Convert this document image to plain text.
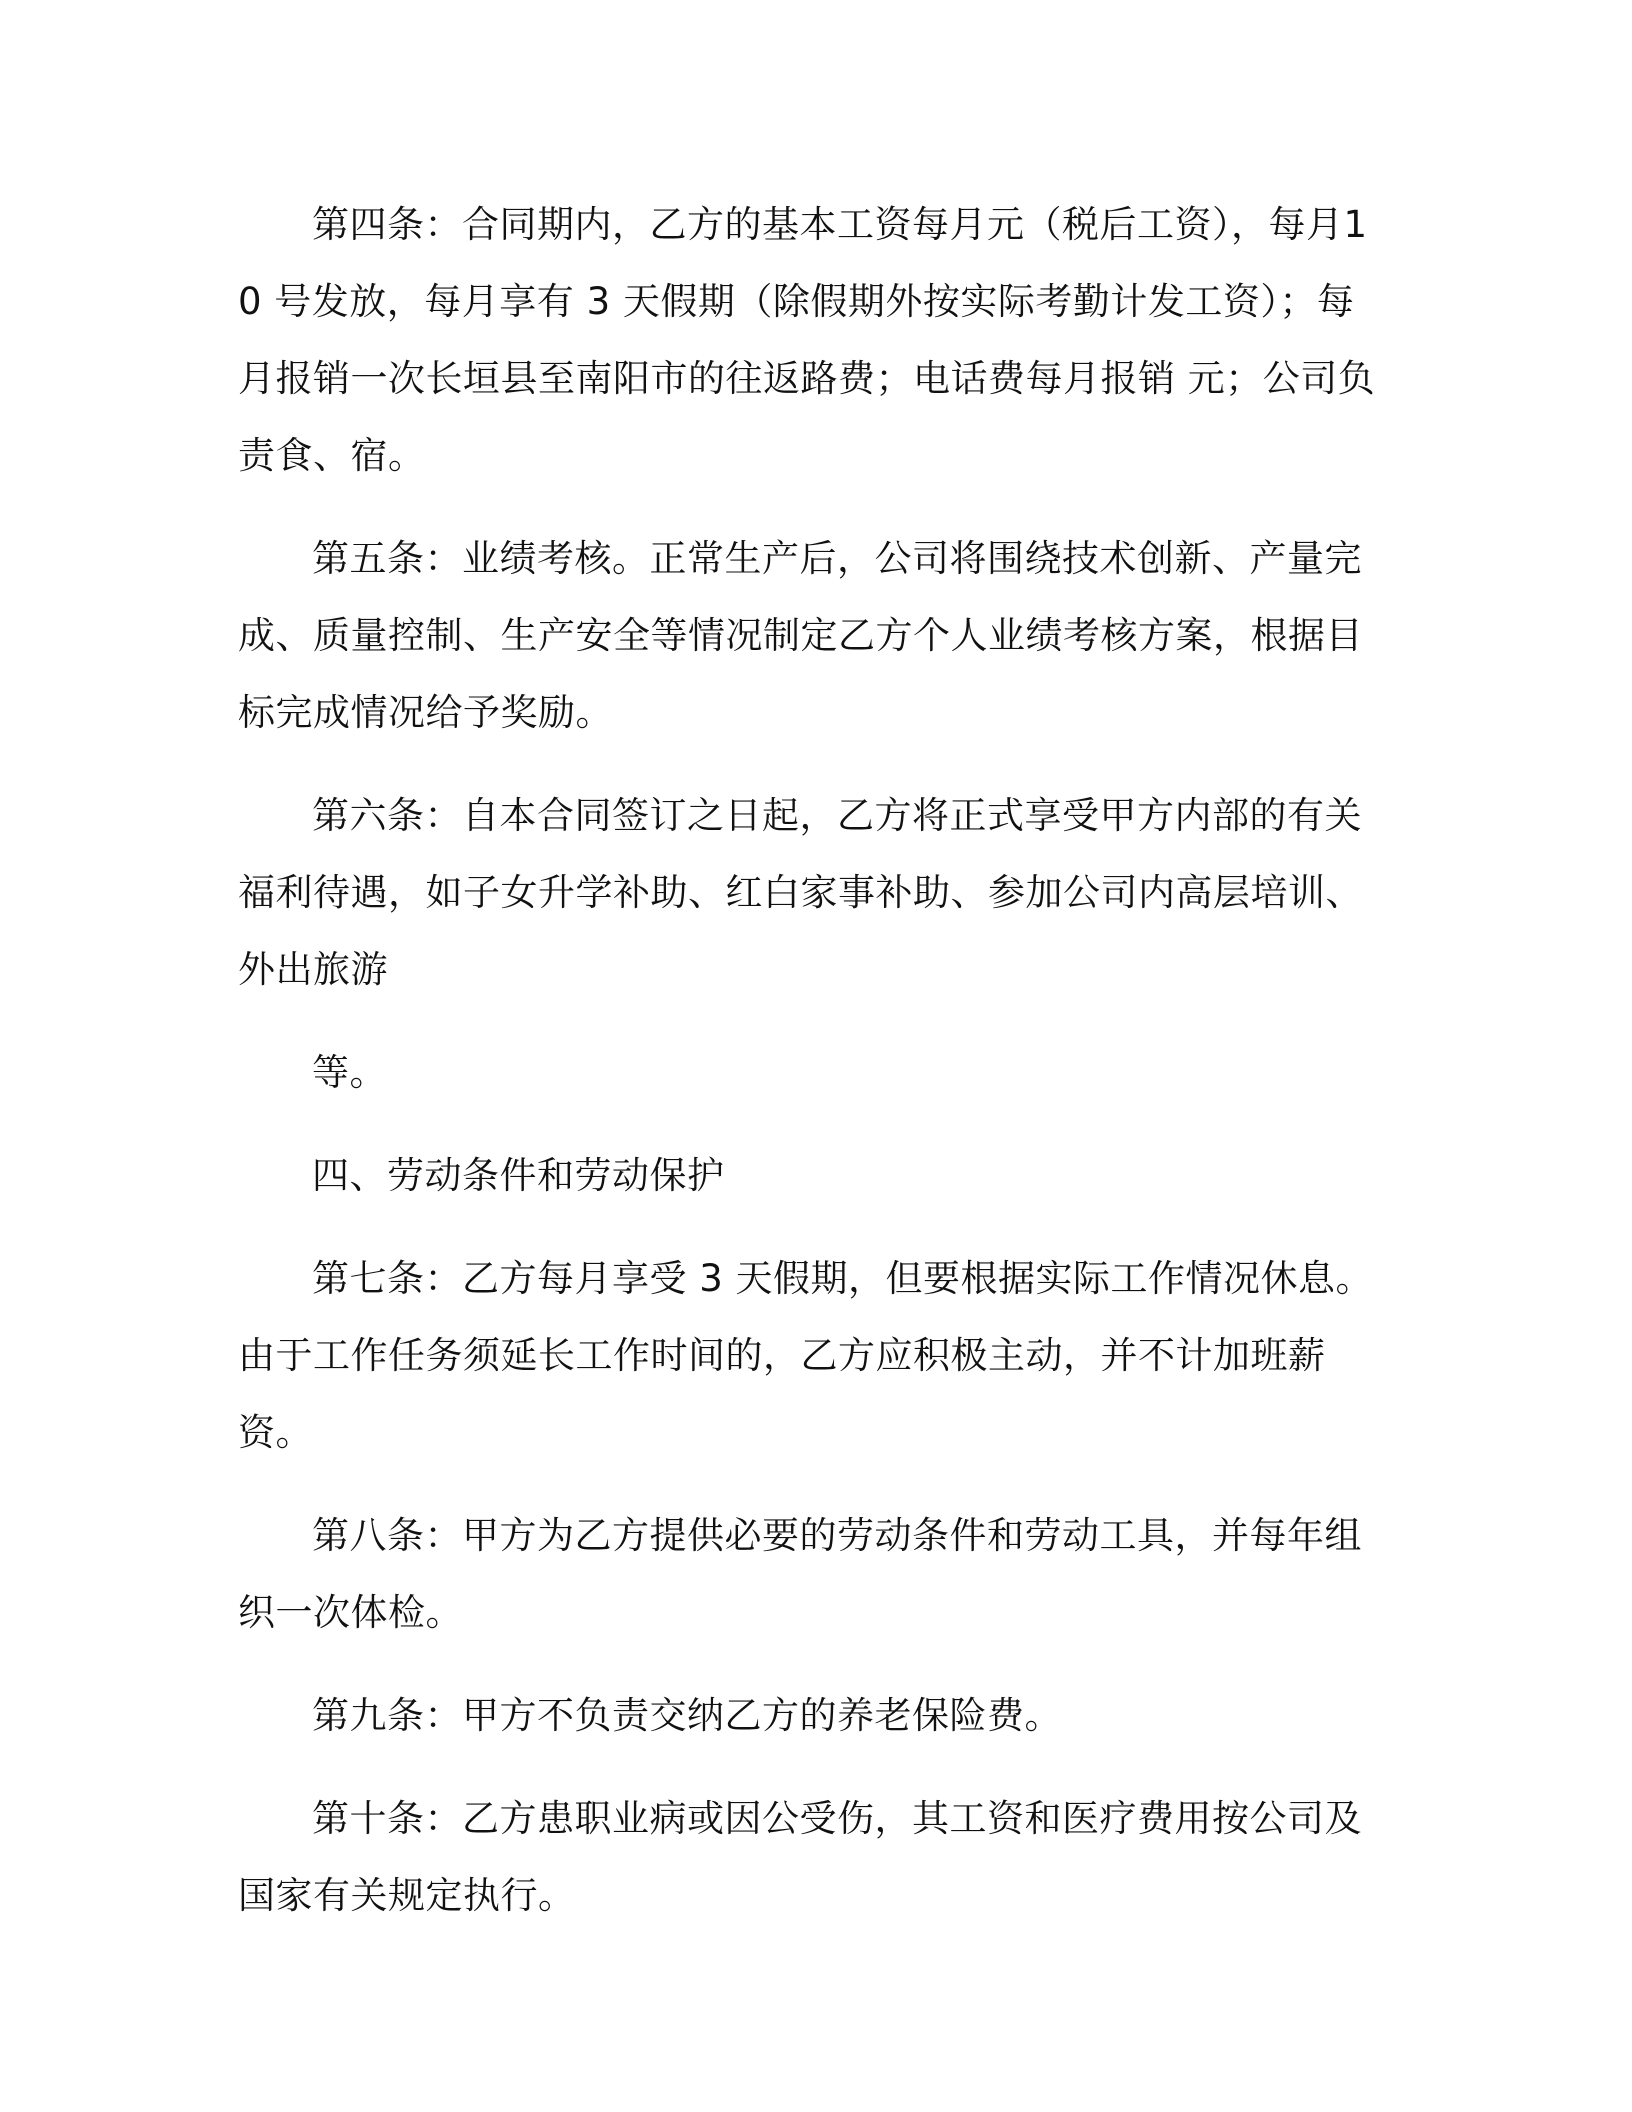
第四条：合同期内，乙方的基本工资每月元（税后工资），每月10 号发放，每月享有 3 天假期（除假期外按实际考勤计发工资）；每月报销一次长垣县至南阳市的往返路费；电话费每月报销 元；公司负责食、宿。

第五条：业绩考核。正常生产后，公司将围绕技术创新、产量完成、质量控制、生产安全等情况制定乙方个人业绩考核方案，根据目标完成情况给予奖励。

第六条：自本合同签订之日起，乙方将正式享受甲方内部的有关福利待遇，如子女升学补助、红白家事补助、参加公司内高层培训、外出旅游

等。

四、劳动条件和劳动保护

第七条：乙方每月享受 3 天假期，但要根据实际工作情况休息。由于工作任务须延长工作时间的，乙方应积极主动，并不计加班薪资。

第八条：甲方为乙方提供必要的劳动条件和劳动工具，并每年组织一次体检。

第九条：甲方不负责交纳乙方的养老保险费。

第十条：乙方患职业病或因公受伤，其工资和医疗费用按公司及国家有关规定执行。
